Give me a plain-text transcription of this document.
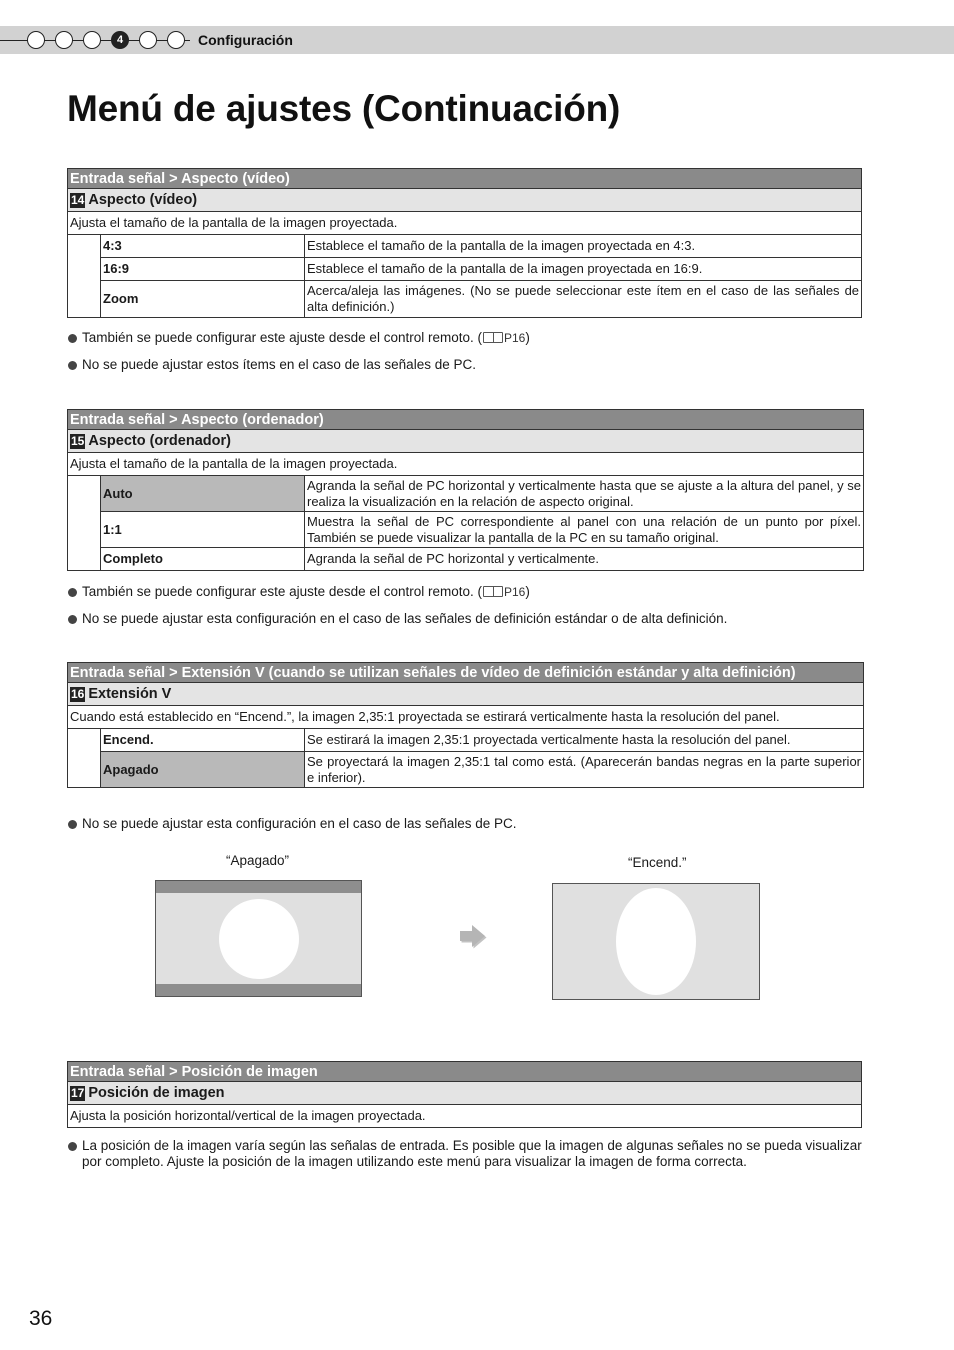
4	Configuración
Menú de ajustes (Continuación)
Entrada señal > Aspecto (vídeo)		
14 Aspecto (vídeo)		
Ajusta el tamaño de la pantalla de la imagen proyectada.		
	4:3	Establece el tamaño de la pantalla de la imagen proyectada en 4:3.
	16:9	Establece el tamaño de la pantalla de la imagen proyectada en 16:9.
	Zoom	Acerca/aleja las imágenes. (No se puede seleccionar este ítem en el caso de las señales de alta definición.)
También se puede configurar este ajuste desde el control remoto. ( P16)
No se puede ajustar estos ítems en el caso de las señales de PC.
Entrada señal > Aspecto (ordenador)		
15 Aspecto (ordenador)		
Ajusta el tamaño de la pantalla de la imagen proyectada.		
	Auto	Agranda la señal de PC horizontal y verticalmente hasta que se ajuste a la altura del panel, y se realiza la visualización en la relación de aspecto original.
	1:1	Muestra la señal de PC correspondiente al panel con una relación de un punto por píxel. También se puede visualizar la pantalla de la PC en su tamaño original.
	Completo	Agranda la señal de PC horizontal y verticalmente.
También se puede configurar este ajuste desde el control remoto. ( P16)
No se puede ajustar esta configuración en el caso de las señales de definición estándar o de alta definición.
Entrada señal > Extensión V (cuando se utilizan señales de vídeo de definición estándar y alta definición)		
16 Extensión V		
Cuando está establecido en “Encend.”, la imagen 2,35:1 proyectada se estirará verticalmente hasta la resolución del panel.		
	Encend.	Se estirará la imagen 2,35:1 proyectada verticalmente hasta la resolución del panel.
	Apagado	Se proyectará la imagen 2,35:1 tal como está. (Aparecerán bandas negras en la parte superior e inferior).
No se puede ajustar esta configuración en el caso de las señales de PC.
“Apagado”	“Encend.”
Entrada señal > Posición de imagen
17 Posición de imagen
Ajusta la posición horizontal/vertical de la imagen proyectada.
La posición de la imagen varía según las señalas de entrada. Es posible que la imagen de algunas señales no se pueda visualizar por completo. Ajuste la posición de la imagen utilizando este menú para visualizar la imagen de forma correcta.
36
